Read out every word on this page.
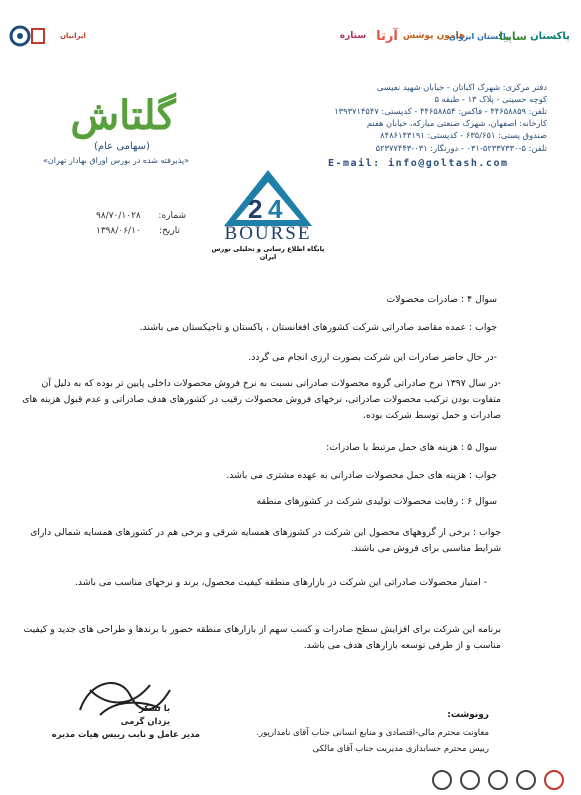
ایرانیان	ستاره آرتا هامون پوشش
پاکستان ایروان
ساپیا پاکستان
گلتاش
(سهامی عام)
«پذیرفته شده در بورس اوراق بهادار تهران»
دفتر مرکزی: شهرک اکباتان - خیابان شهید نفیسی
کوچه حسینی - پلاک ۱۳ - طبقه ۵
تلفن: ۴۴۶۵۸۸۵۹ - فاکس: ۴۴۶۵۸۸۵۴ - کدپستی: ۱۳۹۳۷۱۴۵۴۷
کارخانه: اصفهان، شهرک صنعتی مبارکه، خیابان هفتم
صندوق پستی: ۶۳۵/۶۵۱ - کدپستی: ۸۴۸۶۱۴۳۱۹۱
تلفن: ۵-۵۲۳۳۷۳۳۰-۰۳۱ - دورنگار: ۰۳۱-۵۲۳۷۷۴۴۳
E-mail: info@goltash.com
شماره:
۹۸/۷۰/۱۰۲۸
تاریخ:
۱۳۹۸/۰۶/۱۰
2 4
BOURSE
پایگاه اطلاع رسانی و تحلیلی بورس ایران
سوال ۴ : صادرات محصولات
جواب : عمده مقاصد صادراتی شرکت کشورهای افغانستان ، پاکستان و تاجیکستان می باشند.
-در حال حاضر صادرات این شرکت بصورت ارزی انجام می گردد.
-در سال ۱۳۹۷ نرخ صادراتی گروه محصولات صادراتی نسبت به نرخ فروش محصولات داخلی پایین تر بوده که به دلیل آن متفاوت بودن ترکیب محصولات صادراتی، نرخهای فروش محصولات رقیب در کشورهای هدف صادراتی و عدم قبول هزینه های صادرات و حمل توسط شرکت بوده.
سوال ۵ : هزینه های حمل مرتبط با صادرات:
جواب : هزینه های حمل محصولات صادراتی به عهده مشتری می باشد.
سوال ۶ : رقابت محصولات تولیدی شرکت در کشورهای منطقه
جواب : برخی از گروههای محصول این شرکت در کشورهای همسایه شرقی و برخی هم در کشورهای همسایه شمالی دارای شرایط مناسبی برای فروش می باشند.
- امتیاز محصولات صادراتی این شرکت در بازارهای منطقه کیفیت محصول، برند و نرخهای مناسب می باشد.
برنامه این شرکت برای افزایش سطح صادرات و کسب سهم از بازارهای منطقه حضور با برندها و طراحی های جدید و کیفیت مناسب و از طرفی توسعه بازارهای هدف می باشد.
با تشکر
یزدان گرمی
مدیر عامل و نایب رییس هیات مدیره
رونوشت:
معاونت محترم مالی-اقتصادی و منابع انسانی جناب آقای نامدارپور.
رییس محترم حسابداری مدیریت جناب آقای مالکی
